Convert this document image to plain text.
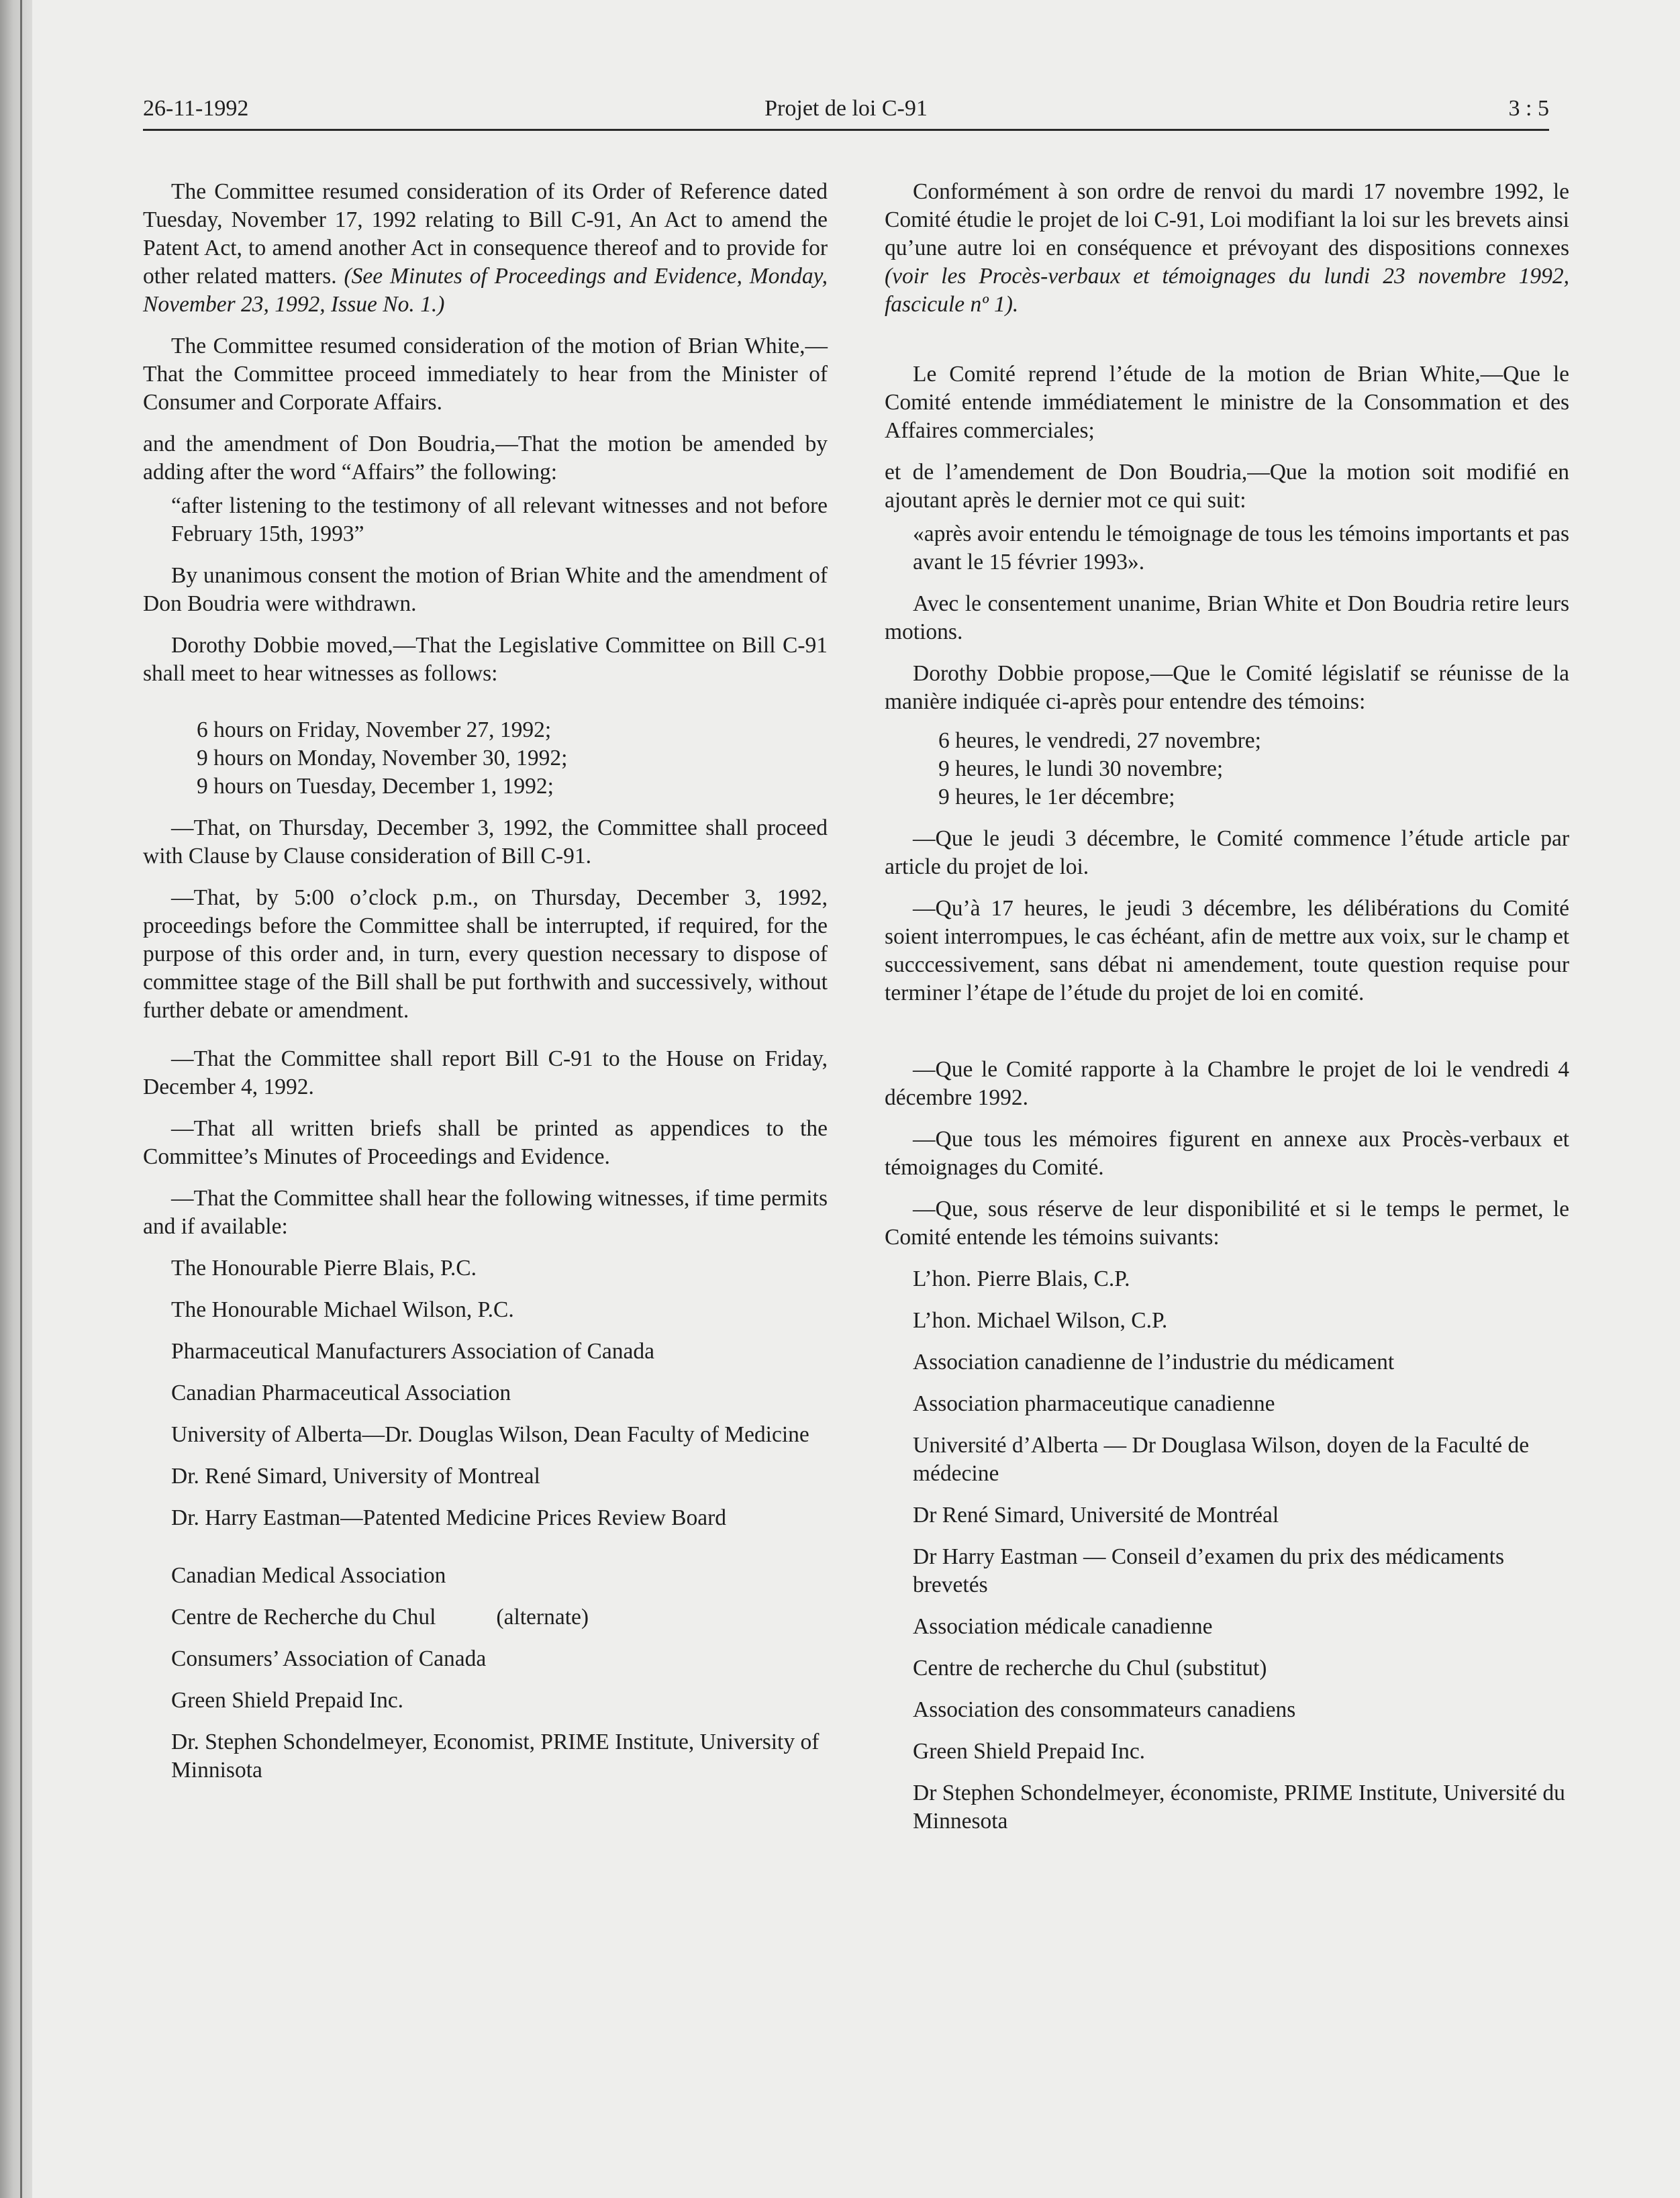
26-11-1992	Projet de loi C-91	3 : 5

The Committee resumed consideration of its Order of Reference dated Tuesday, November 17, 1992 relating to Bill C-91, An Act to amend the Patent Act, to amend another Act in consequence thereof and to provide for other related matters. (See Minutes of Proceedings and Evidence, Monday, November 23, 1992, Issue No. 1.)

The Committee resumed consideration of the motion of Brian White,—That the Committee proceed immediately to hear from the Minister of Consumer and Corporate Affairs.

and the amendment of Don Boudria,—That the motion be amended by adding after the word “Affairs” the following:

“after listening to the testimony of all relevant witnesses and not before February 15th, 1993”

By unanimous consent the motion of Brian White and the amendment of Don Boudria were withdrawn.

Dorothy Dobbie moved,—That the Legislative Committee on Bill C-91 shall meet to hear witnesses as follows:

6 hours on Friday, November 27, 1992;
9 hours on Monday, November 30, 1992;
9 hours on Tuesday, December 1, 1992;

—That, on Thursday, December 3, 1992, the Committee shall proceed with Clause by Clause consideration of Bill C-91.

—That, by 5:00 o’clock p.m., on Thursday, December 3, 1992, proceedings before the Committee shall be interrupted, if required, for the purpose of this order and, in turn, every question necessary to dispose of committee stage of the Bill shall be put forthwith and successively, without further debate or amendment.

—That the Committee shall report Bill C-91 to the House on Friday, December 4, 1992.

—That all written briefs shall be printed as appendices to the Committee’s Minutes of Proceedings and Evidence.

—That the Committee shall hear the following witnesses, if time permits and if available:

The Honourable Pierre Blais, P.C.

The Honourable Michael Wilson, P.C.

Pharmaceutical Manufacturers Association of Canada

Canadian Pharmaceutical Association

University of Alberta—Dr. Douglas Wilson, Dean Faculty of Medicine

Dr. René Simard, University of Montreal

Dr. Harry Eastman—Patented Medicine Prices Review Board

Canadian Medical Association

Centre de Recherche du Chul	(alternate)

Consumers’ Association of Canada

Green Shield Prepaid Inc.

Dr. Stephen Schondelmeyer, Economist, PRIME Institute, University of Minnisota

Conformément à son ordre de renvoi du mardi 17 novembre 1992, le Comité étudie le projet de loi C-91, Loi modifiant la loi sur les brevets ainsi qu’une autre loi en conséquence et prévoyant des dispositions connexes (voir les Procès-verbaux et témoignages du lundi 23 novembre 1992, fascicule nº 1).

Le Comité reprend l’étude de la motion de Brian White,—Que le Comité entende immédiatement le ministre de la Consommation et des Affaires commerciales;

et de l’amendement de Don Boudria,—Que la motion soit modifié en ajoutant après le dernier mot ce qui suit:

«après avoir entendu le témoignage de tous les témoins importants et pas avant le 15 février 1993».

Avec le consentement unanime, Brian White et Don Boudria retire leurs motions.

Dorothy Dobbie propose,—Que le Comité législatif se réunisse de la manière indiquée ci-après pour entendre des témoins:

6 heures, le vendredi, 27 novembre;
9 heures, le lundi 30 novembre;
9 heures, le 1er décembre;

—Que le jeudi 3 décembre, le Comité commence l’étude article par article du projet de loi.

—Qu’à 17 heures, le jeudi 3 décembre, les délibérations du Comité soient interrompues, le cas échéant, afin de mettre aux voix, sur le champ et succcessivement, sans débat ni amendement, toute question requise pour terminer l’étape de l’étude du projet de loi en comité.

—Que le Comité rapporte à la Chambre le projet de loi le vendredi 4 décembre 1992.

—Que tous les mémoires figurent en annexe aux Procès-verbaux et témoignages du Comité.

—Que, sous réserve de leur disponibilité et si le temps le permet, le Comité entende les témoins suivants:

L’hon. Pierre Blais, C.P.

L’hon. Michael Wilson, C.P.

Association canadienne de l’industrie du médicament

Association pharmaceutique canadienne

Université d’Alberta — Dr Douglasa Wilson, doyen de la Faculté de médecine

Dr René Simard, Université de Montréal

Dr Harry Eastman — Conseil d’examen du prix des médicaments brevetés

Association médicale canadienne

Centre de recherche du Chul (substitut)

Association des consommateurs canadiens

Green Shield Prepaid Inc.

Dr Stephen Schondelmeyer, économiste, PRIME Institute, Université du Minnesota
